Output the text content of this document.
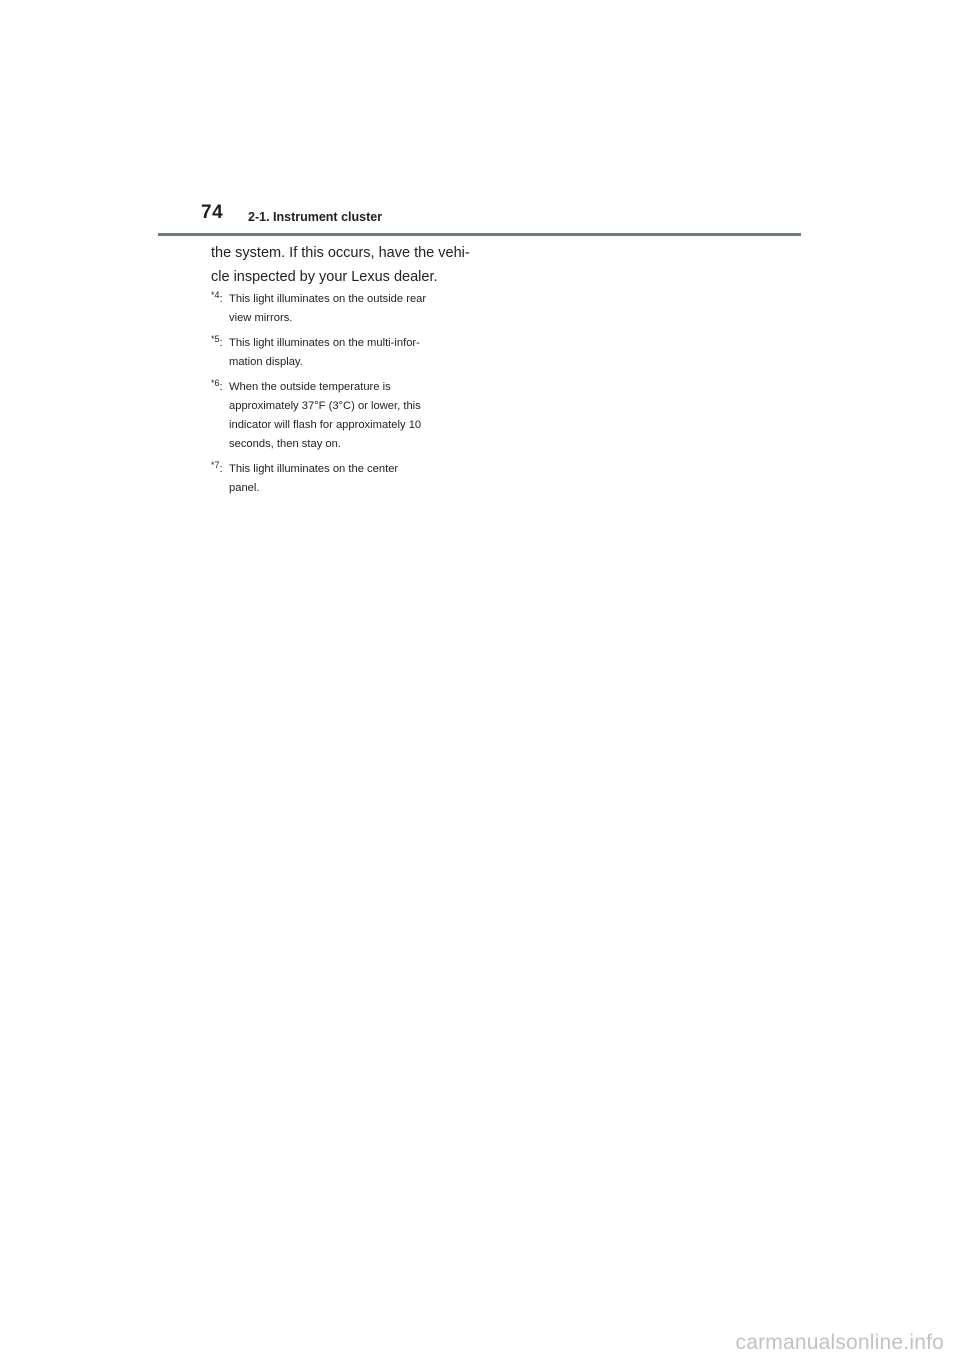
74 2-1. Instrument cluster
the system. If this occurs, have the vehi-
cle inspected by your Lexus dealer.
$^{*4}$: This light illuminates on the outside rear
view mirrors.
$^{*5}$: This light illuminates on the multi-infor-
mation display.
$^{*6}$: When the outside temperature is
approximately 37°F (3°C) or lower, this
indicator will flash for approximately 10
seconds, then stay on.
$^{*7}$: This light illuminates on the center
panel.
carmanualsonline.info
